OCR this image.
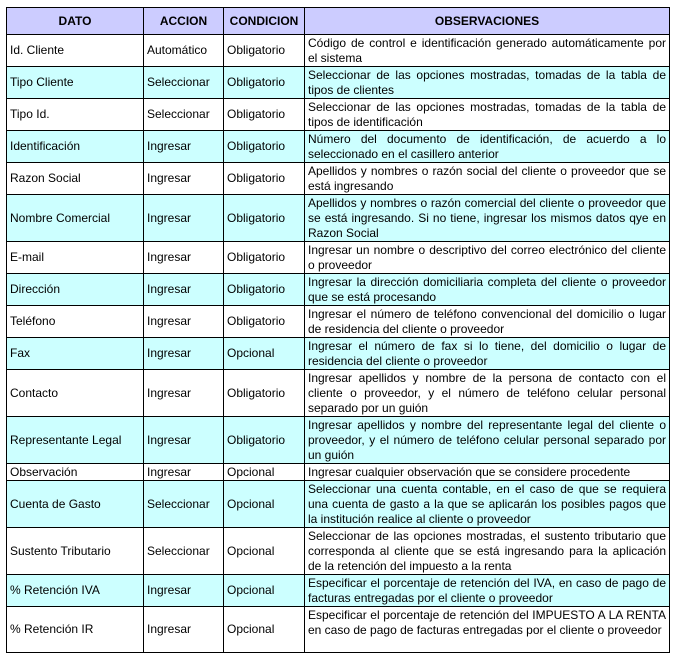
DATO	ACCION	CONDICION	OBSERVACIONES
Id. Cliente	Automático	Obligatorio	Código de control e identificación generado automáticamente por el sistema
Tipo Cliente	Seleccionar	Obligatorio	Seleccionar de las opciones mostradas, tomadas de la tabla de tipos de clientes
Tipo Id.	Seleccionar	Obligatorio	Seleccionar de las opciones mostradas, tomadas de la tabla de tipos de identificación
Identificación	Ingresar	Obligatorio	Número del documento de identificación, de acuerdo a lo seleccionado en el casillero anterior
Razon Social	Ingresar	Obligatorio	Apellidos y nombres o razón social del cliente o proveedor que se está ingresando
Nombre Comercial	Ingresar	Obligatorio	Apellidos y nombres o razón comercial del cliente o proveedor que se está ingresando. Si no tiene, ingresar los mismos datos qye en Razon Social
E-mail	Ingresar	Obligatorio	Ingresar un nombre o descriptivo del correo electrónico del cliente o proveedor
Dirección	Ingresar	Obligatorio	Ingresar la dirección domiciliaria completa del cliente o proveedor que se está procesando
Teléfono	Ingresar	Obligatorio	Ingresar el número de teléfono convencional del domicilio o lugar de residencia del cliente o proveedor
Fax	Ingresar	Opcional	Ingresar el número de fax si lo tiene, del domicilio o lugar de residencia del cliente o proveedor
Contacto	Ingresar	Obligatorio	Ingresar apellidos y nombre de la persona de contacto con el cliente o proveedor, y el número de teléfono celular personal separado por un guión
Representante Legal	Ingresar	Obligatorio	Ingresar apellidos y nombre del representante legal del cliente o proveedor, y el número de teléfono celular personal separado por un guión
Observación	Ingresar	Opcional	Ingresar cualquier observación que se considere procedente
Cuenta de Gasto	Seleccionar	Opcional	Seleccionar una cuenta contable, en el caso de que se requiera una cuenta de gasto a la que se aplicarán los posibles pagos que la institución realice al cliente o proveedor
Sustento Tributario	Seleccionar	Opcional	Seleccionar de las opciones mostradas, el sustento tributario que corresponda al cliente que se está ingresando para la aplicación de la retención del impuesto a la renta
% Retención IVA	Ingresar	Opcional	Especificar el porcentaje de retención del IVA, en caso de pago de facturas entregadas por el cliente o proveedor
% Retención IR	Ingresar	Opcional	Especificar el porcentaje de retención del IMPUESTO A LA RENTA en caso de pago de facturas entregadas por el cliente o proveedor
